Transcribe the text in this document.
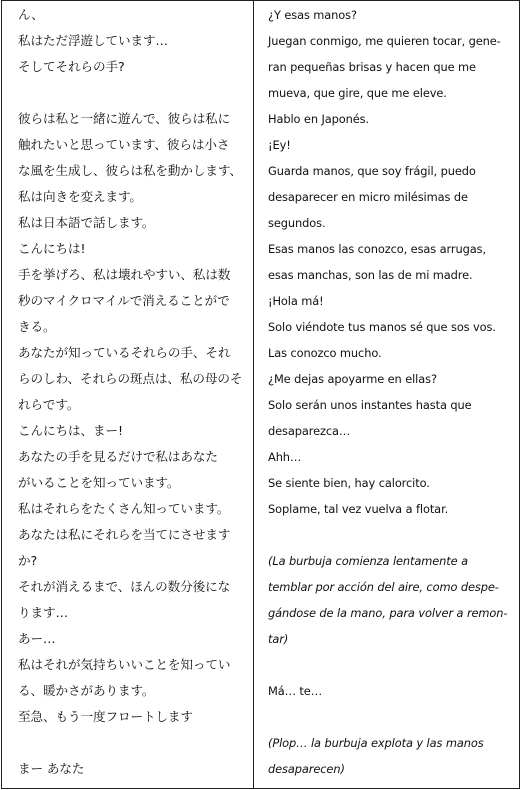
ん、
私はただ浮遊しています…
そしてそれらの手?

彼らは私と一緒に遊んで、彼らは私に
触れたいと思っています、彼らは小さ
な風を生成し、彼らは私を動かします、
私は向きを変えます。
私は日本語で話します。
こんにちは!
手を挙げろ、私は壊れやすい、私は数
秒のマイクロマイルで消えることがで
きる。
あなたが知っているそれらの手、それ
らのしわ、それらの斑点は、私の母のそ
れらです。
こんにちは、まー!
あなたの手を見るだけで私はあなた
がいることを知っています。
私はそれらをたくさん知っています。
あなたは私にそれらを当てにさせます
か?
それが消えるまで、ほんの数分後にな
ります…
あー…
私はそれが気持ちいいことを知ってい
る、暖かさがあります。
至急、もう一度フロートします

まー あなた
¿Y esas manos?
Juegan conmigo, me quieren tocar, gene-
ran pequeñas brisas y hacen que me
mueva, que gire, que me eleve.
Hablo en Japonés.
¡Ey!
Guarda manos, que soy frágil, puedo
desaparecer en micro milésimas de
segundos.
Esas manos las conozco, esas arrugas,
esas manchas, son las de mi madre.
¡Hola má!
Solo viéndote tus manos sé que sos vos.
Las conozco mucho.
¿Me dejas apoyarme en ellas?
Solo serán unos instantes hasta que
desaparezca…
Ahh…
Se siente bien, hay calorcito.
Soplame, tal vez vuelva a flotar.

(La burbuja comienza lentamente a
temblar por acción del aire, como despe-
gándose de la mano, para volver a remon-
tar)

Má… te…

(Plop… la burbuja explota y las manos
desaparecen)
